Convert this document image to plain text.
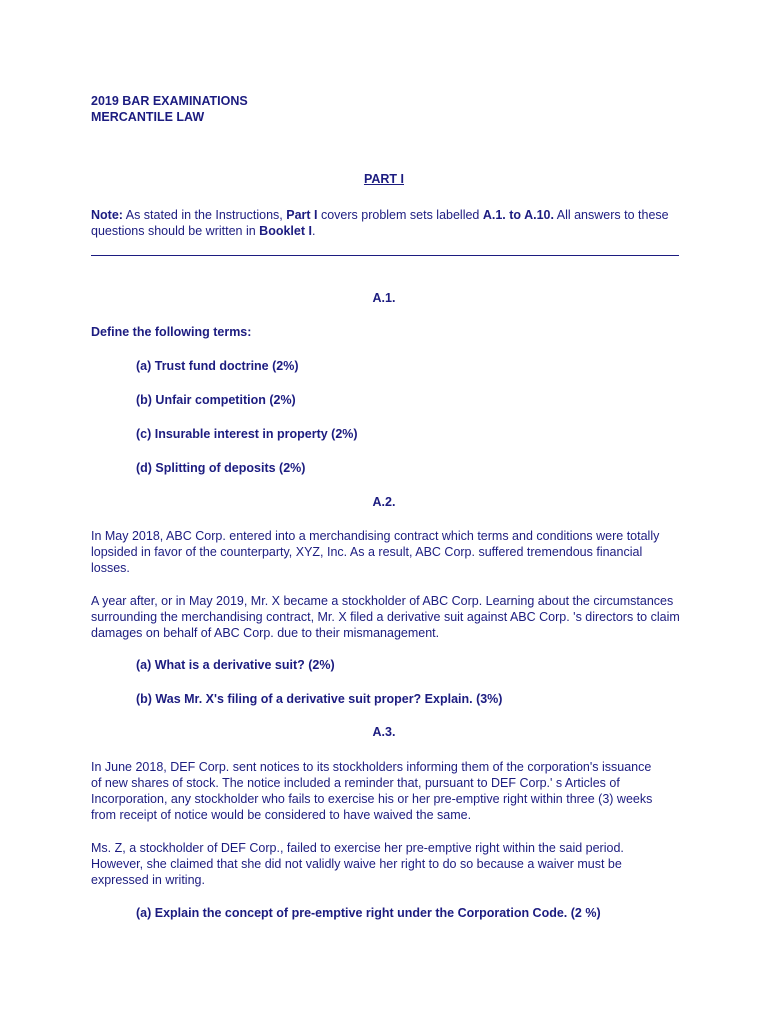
2019 BAR EXAMINATIONS
MERCANTILE LAW
PART I
Note: As stated in the Instructions, Part I covers problem sets labelled A.1. to A.10. All answers to these questions should be written in Booklet I.
A.1.
Define the following terms:
(a) Trust fund doctrine (2%)
(b) Unfair competition (2%)
(c) Insurable interest in property (2%)
(d) Splitting of deposits (2%)
A.2.
In May 2018, ABC Corp. entered into a merchandising contract which terms and conditions were totally lopsided in favor of the counterparty, XYZ, Inc. As a result, ABC Corp. suffered tremendous financial losses.
A year after, or in May 2019, Mr. X became a stockholder of ABC Corp. Learning about the circumstances surrounding the merchandising contract, Mr. X filed a derivative suit against ABC Corp. 's directors to claim damages on behalf of ABC Corp. due to their mismanagement.
(a) What is a derivative suit? (2%)
(b) Was Mr. X's filing of a derivative suit proper? Explain. (3%)
A.3.
In June 2018, DEF Corp. sent notices to its stockholders informing them of the corporation's issuance of new shares of stock. The notice included a reminder that, pursuant to DEF Corp.' s Articles of Incorporation, any stockholder who fails to exercise his or her pre-emptive right within three (3) weeks from receipt of notice would be considered to have waived the same.
Ms. Z, a stockholder of DEF Corp., failed to exercise her pre-emptive right within the said period. However, she claimed that she did not validly waive her right to do so because a waiver must be expressed in writing.
(a) Explain the concept of pre-emptive right under the Corporation Code. (2 %)
